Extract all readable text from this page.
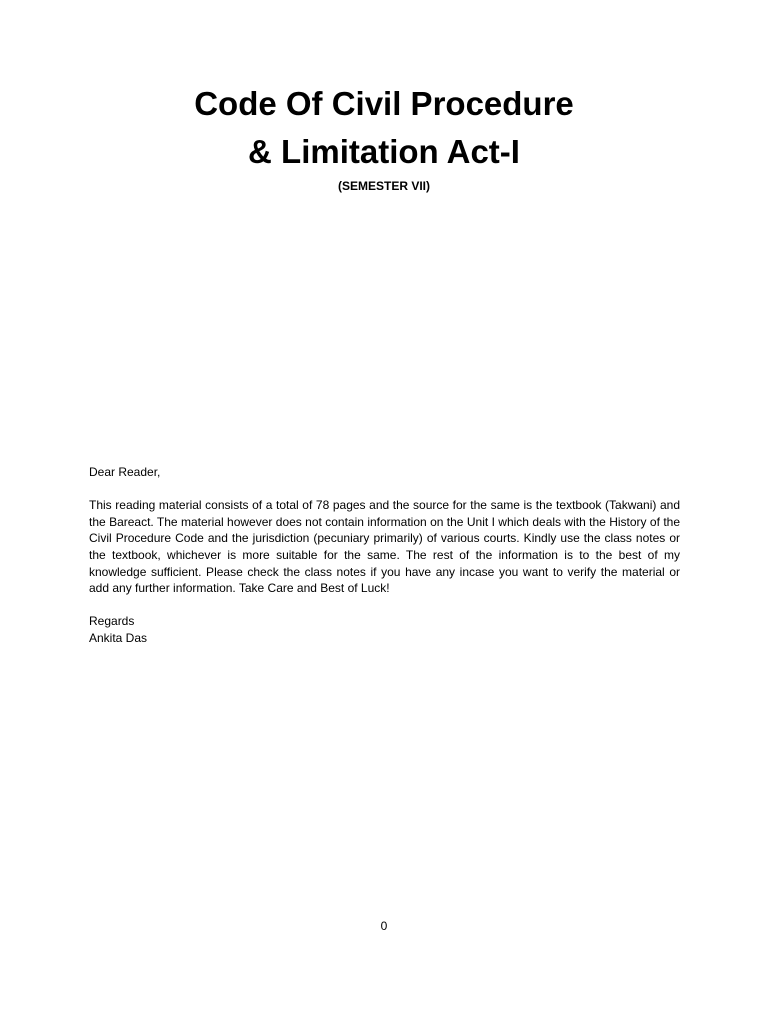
Code Of Civil Procedure
& Limitation Act-I
(SEMESTER VII)

Dear Reader,

This reading material consists of a total of 78 pages and the source for the same is the textbook (Takwani) and the Bareact. The material however does not contain information on the Unit I which deals with the History of the Civil Procedure Code and the jurisdiction (pecuniary primarily) of various courts. Kindly use the class notes or the textbook, whichever is more suitable for the same. The rest of the information is to the best of my knowledge sufficient. Please check the class notes if you have any incase you want to verify the material or add any further information. Take Care and Best of Luck!

Regards

Ankita Das

0
